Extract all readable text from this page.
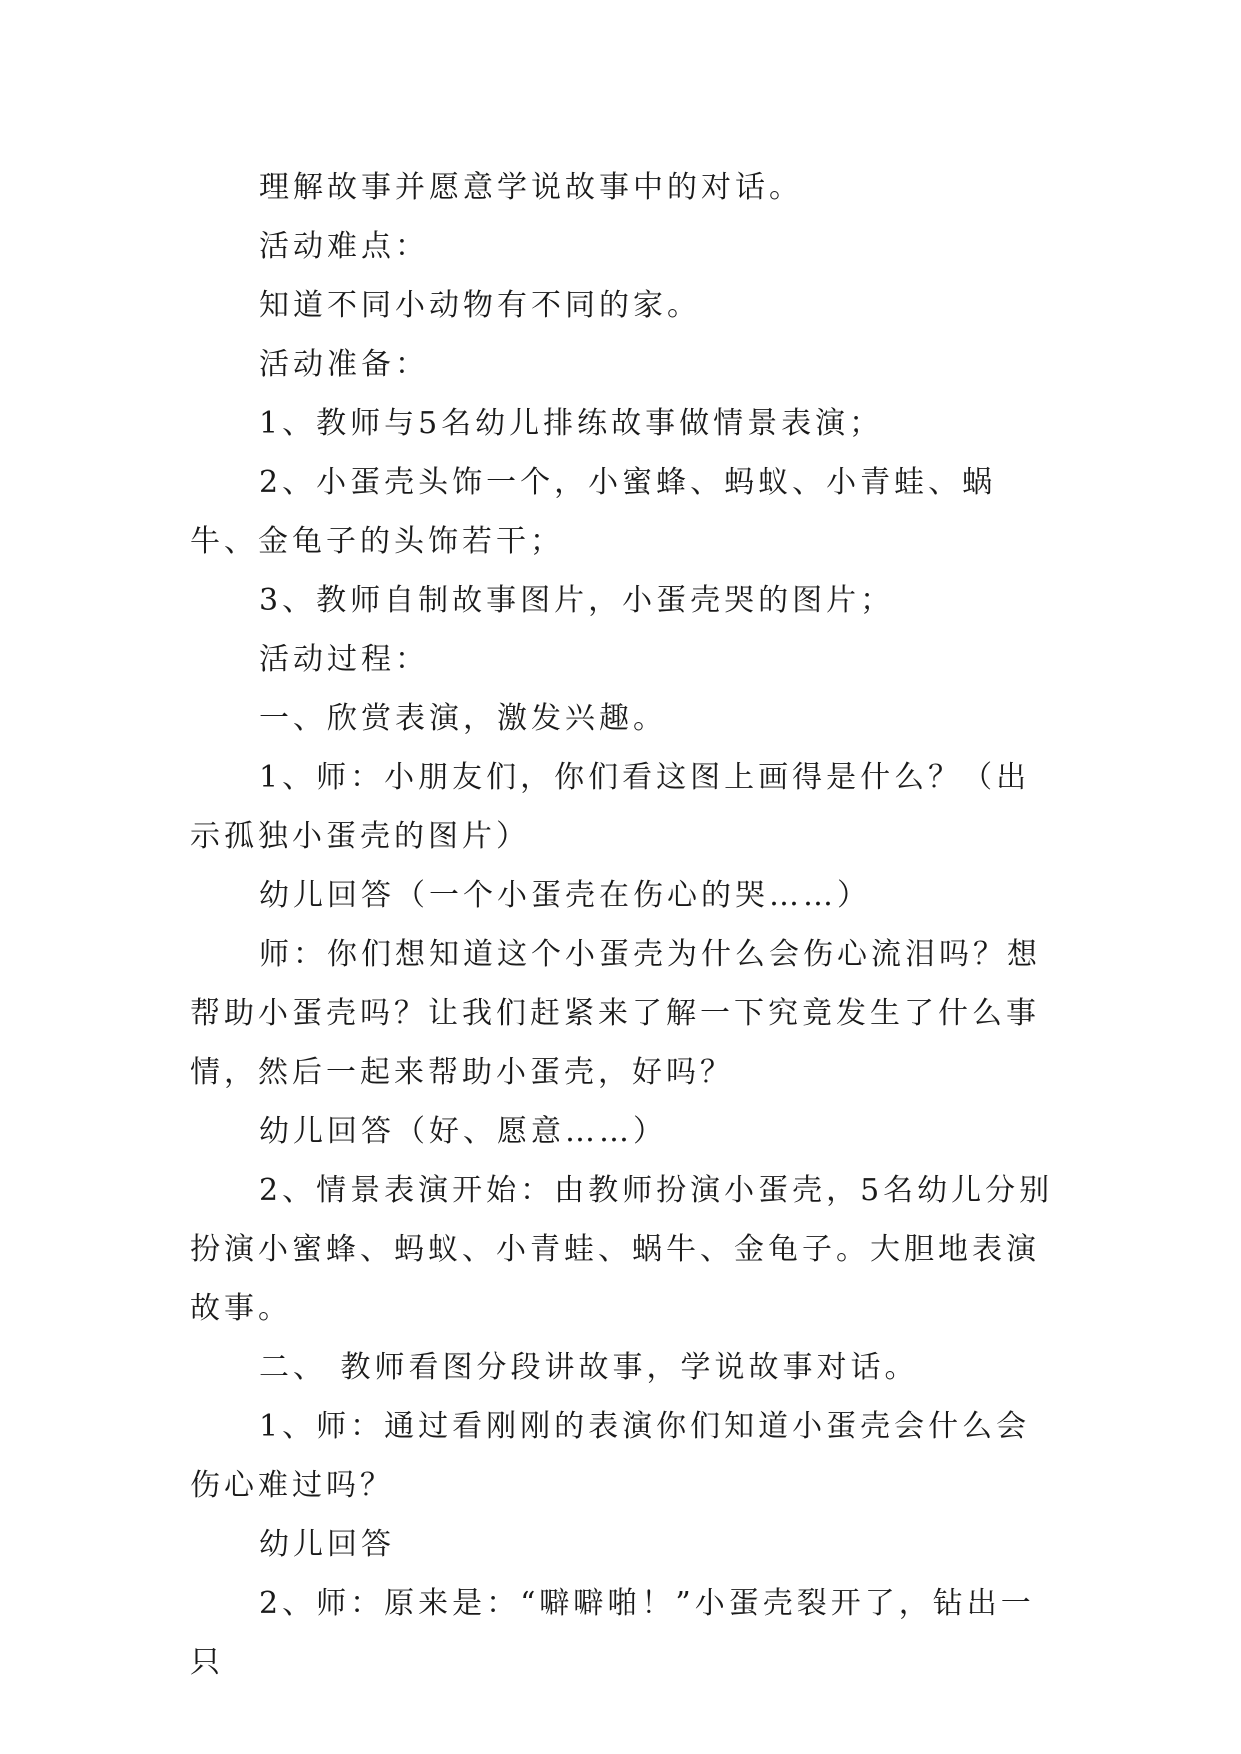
理解故事并愿意学说故事中的对话。

活动难点：

知道不同小动物有不同的家。

活动准备：

1、教师与5名幼儿排练故事做情景表演；

2、小蛋壳头饰一个，小蜜蜂、蚂蚁、小青蛙、蜗牛、金龟子的头饰若干；

3、教师自制故事图片，小蛋壳哭的图片；

活动过程：

一、欣赏表演，激发兴趣。

1、师：小朋友们，你们看这图上画得是什么？（出示孤独小蛋壳的图片）

幼儿回答（一个小蛋壳在伤心的哭……）

师：你们想知道这个小蛋壳为什么会伤心流泪吗？想帮助小蛋壳吗？让我们赶紧来了解一下究竟发生了什么事情，然后一起来帮助小蛋壳，好吗？

幼儿回答（好、愿意……）

2、情景表演开始：由教师扮演小蛋壳，5名幼儿分别扮演小蜜蜂、蚂蚁、小青蛙、蜗牛、金龟子。大胆地表演故事。

二、 教师看图分段讲故事，学说故事对话。

1、师：通过看刚刚的表演你们知道小蛋壳会什么会伤心难过吗？

幼儿回答

2、师：原来是：“噼噼啪！”小蛋壳裂开了，钻出一只
